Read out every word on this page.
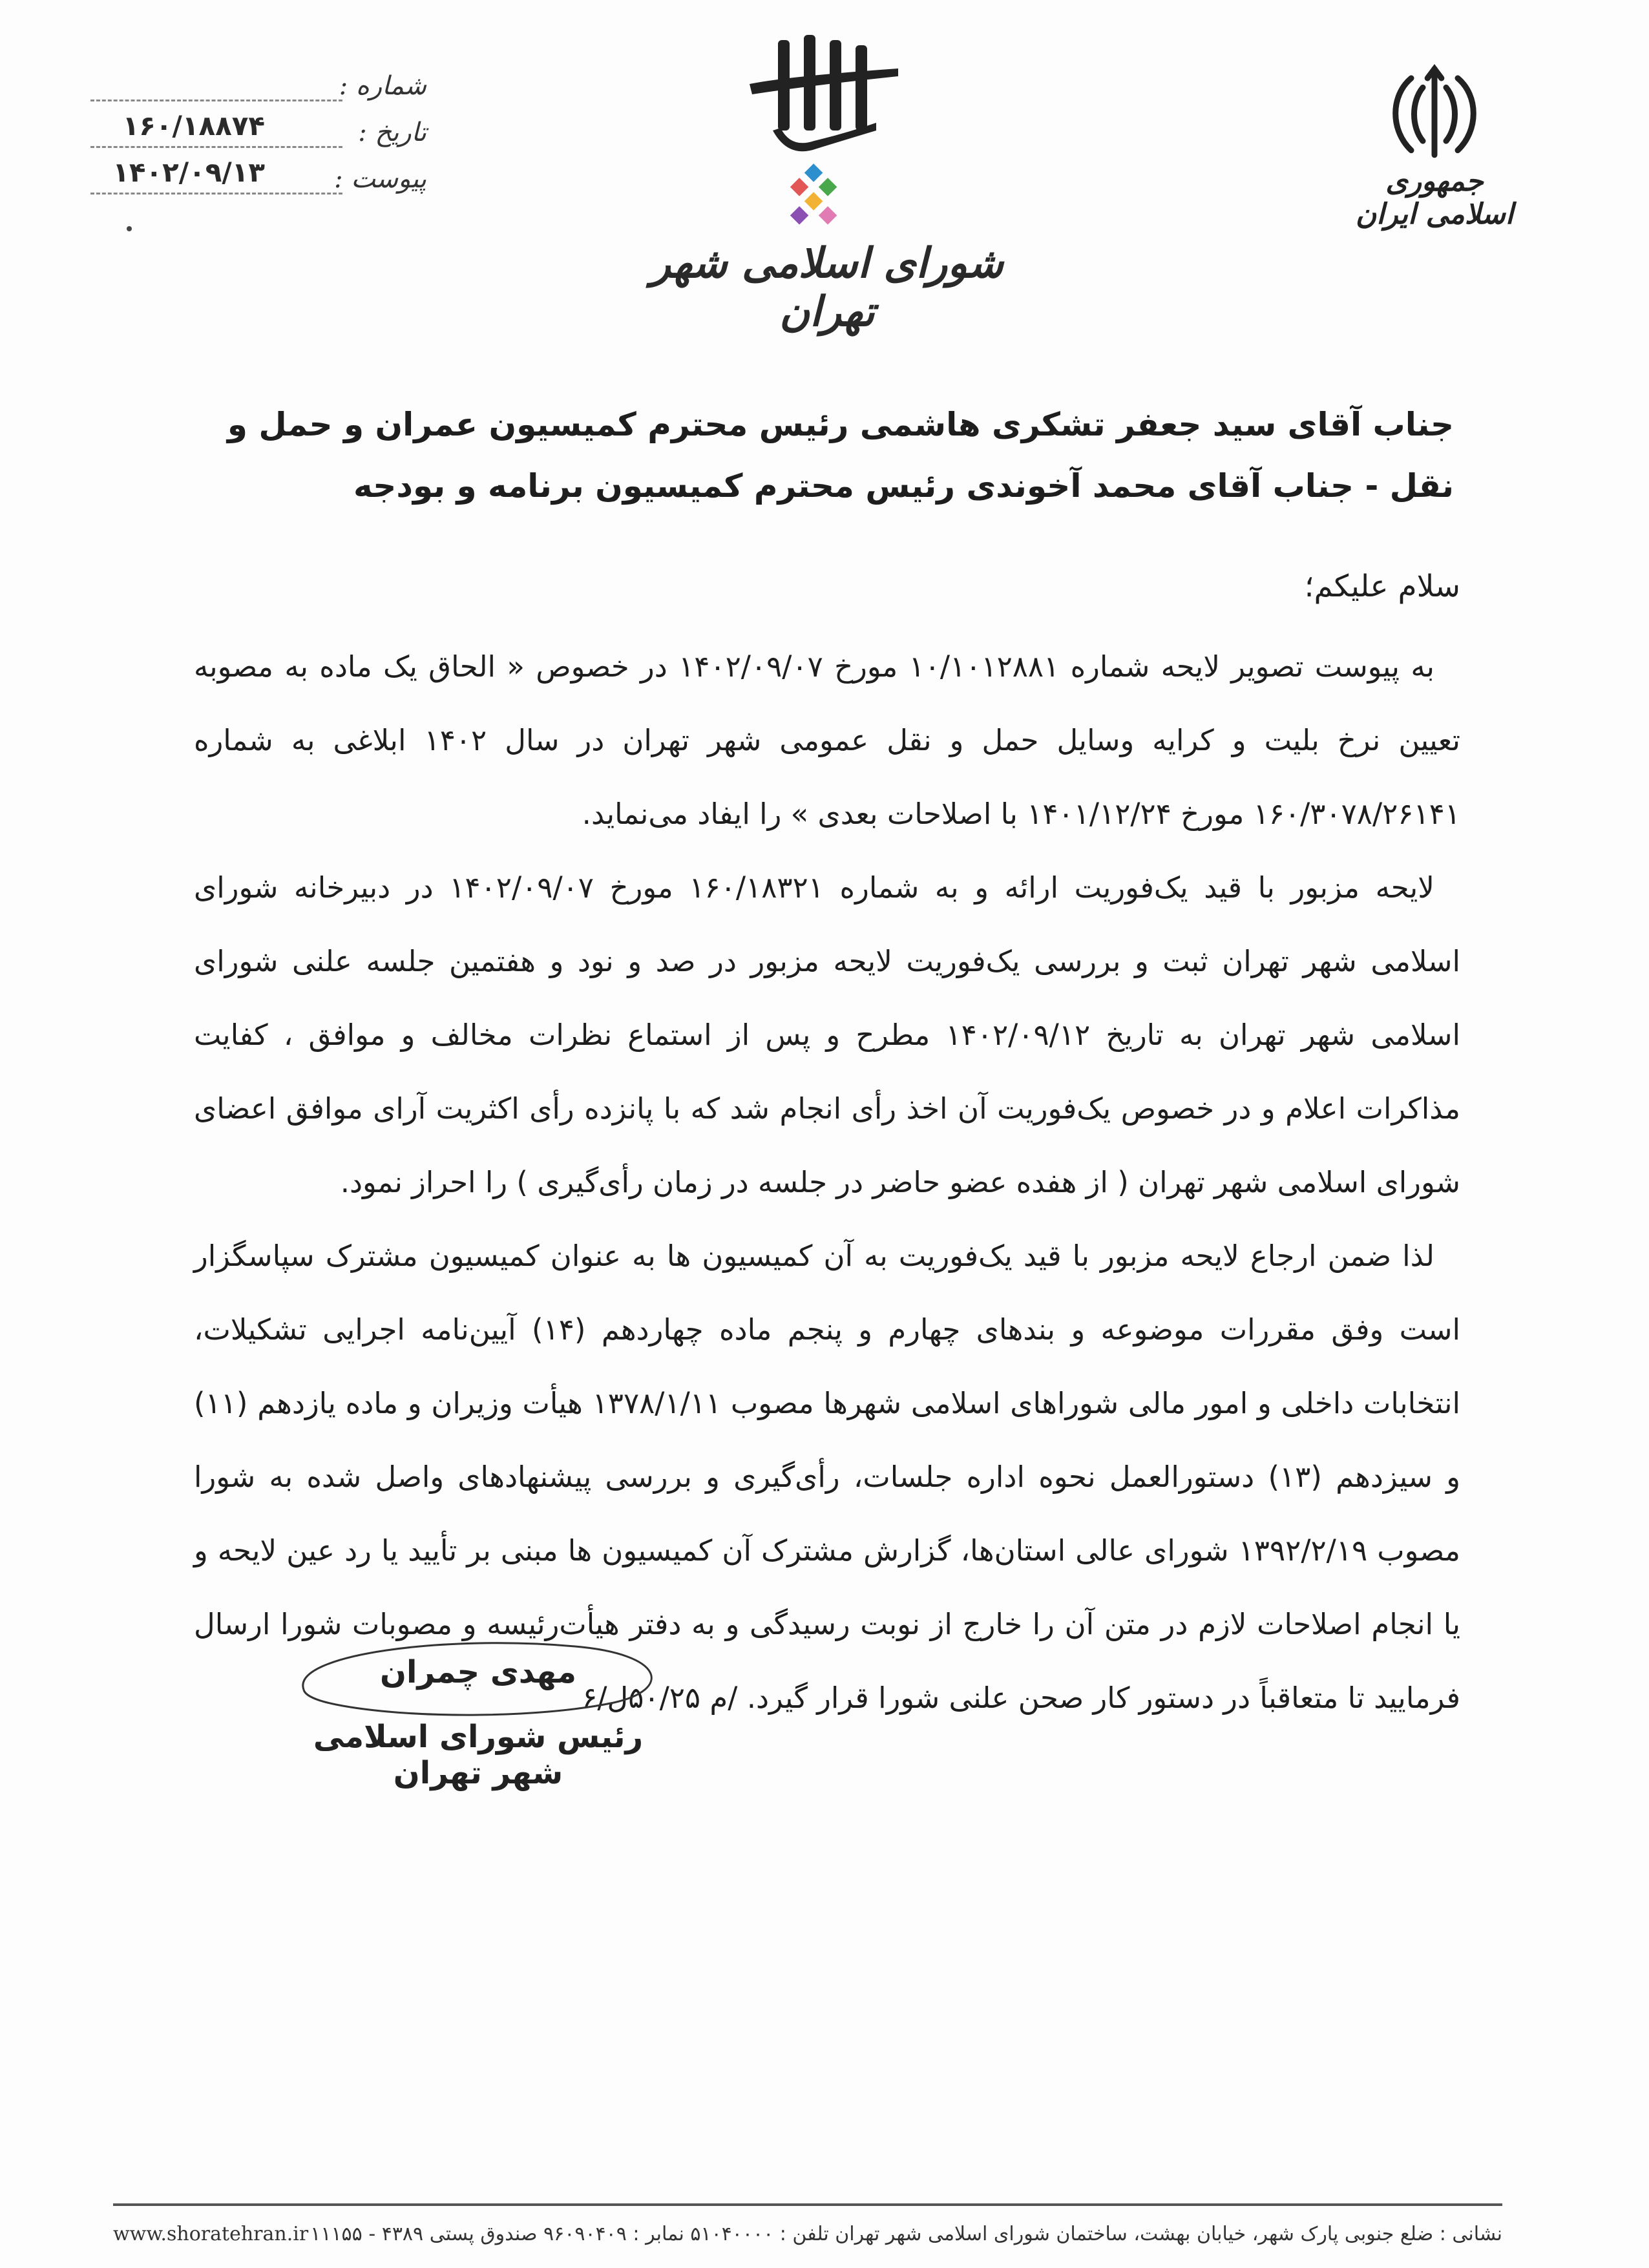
جمهوری اسلامی ایران
شورای اسلامی شهر تهران
شماره :
۱۶۰/۱۸۸۷۴	تاریخ :
۱۴۰۲/۰۹/۱۳	پیوست :
جناب آقای سید جعفر تشکری هاشمی رئیس محترم کمیسیون عمران و حمل و نقل - جناب آقای محمد آخوندی رئیس محترم کمیسیون برنامه و بودجه
سلام علیکم؛

به پیوست تصویر لایحه شماره ۱۰/۱۰۱۲۸۸۱ مورخ ۱۴۰۲/۰۹/۰۷ در خصوص « الحاق یک ماده به مصوبه تعیین نرخ بلیت و کرایه وسایل حمل و نقل عمومی شهر تهران در سال ۱۴۰۲ ابلاغی به شماره ۱۶۰/۳۰۷۸/۲۶۱۴۱ مورخ ۱۴۰۱/۱۲/۲۴ با اصلاحات بعدی » را ایفاد می‌نماید.

لایحه مزبور با قید یک‌فوریت ارائه و به شماره ۱۶۰/۱۸۳۲۱ مورخ ۱۴۰۲/۰۹/۰۷ در دبیرخانه شورای اسلامی شهر تهران ثبت و بررسی یک‌فوریت لایحه مزبور در صد و نود و هفتمین جلسه علنی شورای اسلامی شهر تهران به تاریخ ۱۴۰۲/۰۹/۱۲ مطرح و پس از استماع نظرات مخالف و موافق ، کفایت مذاکرات اعلام و در خصوص یک‌فوریت آن اخذ رأی انجام شد که با پانزده رأی اکثریت آرای موافق اعضای شورای اسلامی شهر تهران ( از هفده عضو حاضر در جلسه در زمان رأی‌گیری ) را احراز نمود.

لذا ضمن ارجاع لایحه مزبور با قید یک‌فوریت به آن کمیسیون ها به عنوان کمیسیون مشترک سپاسگزار است وفق مقررات موضوعه و بندهای چهارم و پنجم ماده چهاردهم (۱۴) آیین‌نامه اجرایی تشکیلات، انتخابات داخلی و امور مالی شوراهای اسلامی شهرها مصوب ۱۳۷۸/۱/۱۱ هیأت وزیران و ماده یازدهم (۱۱) و سیزدهم (۱۳) دستورالعمل نحوه اداره جلسات، رأی‌گیری و بررسی پیشنهادهای واصل شده به شورا مصوب ۱۳۹۲/۲/۱۹ شورای عالی استان‌ها، گزارش مشترک آن کمیسیون ها مبنی بر تأیید یا رد عین لایحه و یا انجام اصلاحات لازم در متن آن را خارج از نوبت رسیدگی و به دفتر هیأت‌رئیسه و مصوبات شورا ارسال فرمایید تا متعاقباً در دستور کار صحن علنی شورا قرار گیرد. /م ۵۰/۲۵ل/۶

مهدی چمران
رئیس شورای اسلامی شهر تهران
نشانی : ضلع جنوبی پارک شهر، خیابان بهشت، ساختمان شورای اسلامی شهر تهران تلفن : ۵۱۰۴۰۰۰۰ نمابر : ۹۶۰۹۰۴۰۹ صندوق پستی ۴۳۸۹ - ۱۱۱۵۵
www.shoratehran.ir
